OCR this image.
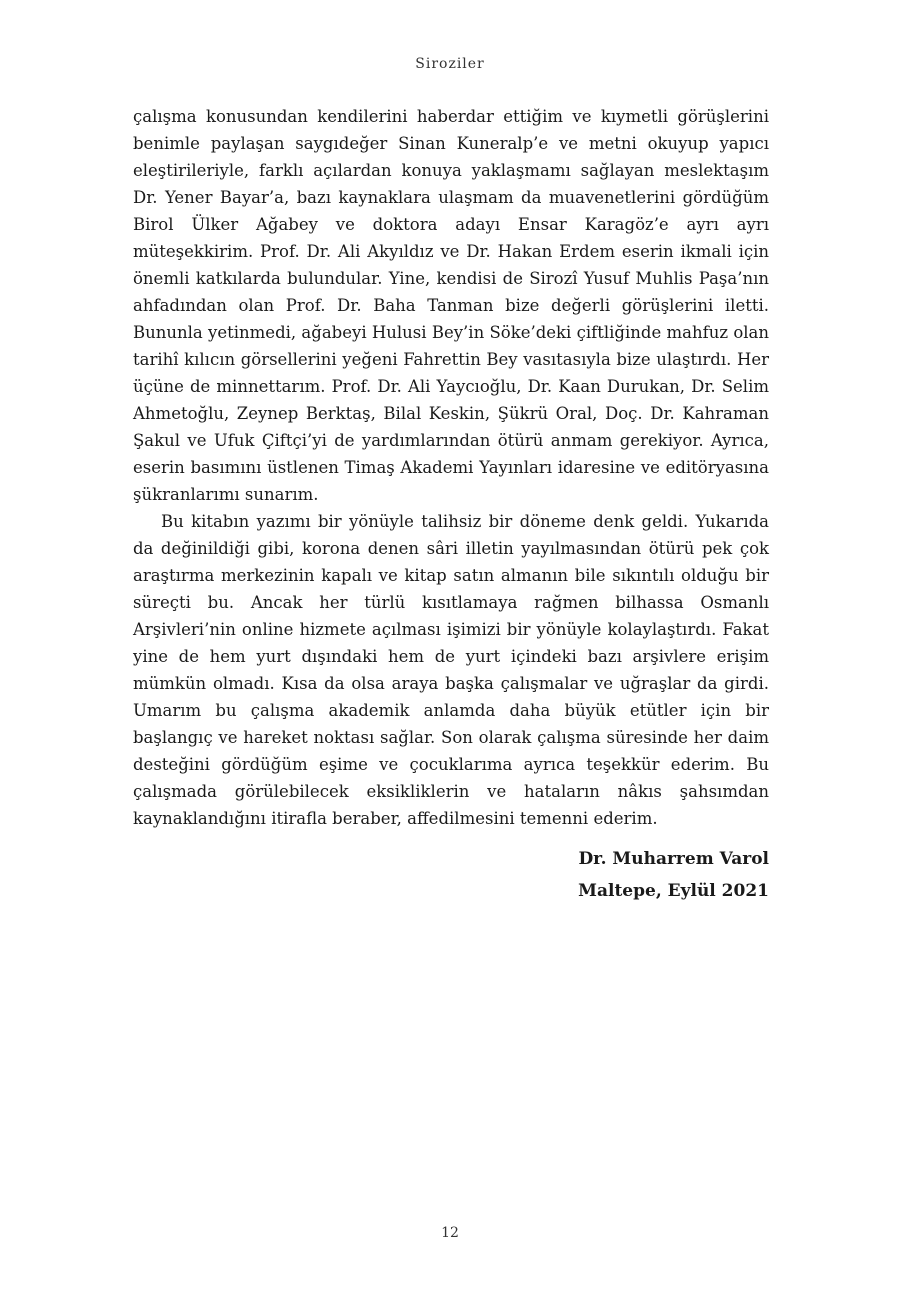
Siroziler

çalışma konusundan kendilerini haberdar ettiğim ve kıymetli görüşlerini benimle paylaşan saygıdeğer Sinan Kuneralp’e ve metni okuyup yapıcı eleştirileriyle, farklı açılardan konuya yaklaşmamı sağlayan meslektaşım Dr. Yener Bayar’a, bazı kaynaklara ulaşmam da muavenetlerini gördüğüm Birol Ülker Ağabey ve doktora adayı Ensar Karagöz’e ayrı ayrı müteşekkirim. Prof. Dr. Ali Akyıldız ve Dr. Hakan Erdem eserin ikmali için önemli katkılarda bulundular. Yine, kendisi de Sirozî Yusuf Muhlis Paşa’nın ahfadından olan Prof. Dr. Baha Tanman bize değerli görüşlerini iletti. Bununla yetinmedi, ağabeyi Hulusi Bey’in Söke’deki çiftliğinde mahfuz olan tarihî kılıcın görsellerini yeğeni Fahrettin Bey vasıtasıyla bize ulaştırdı. Her üçüne de minnettarım. Prof. Dr. Ali Yaycıoğlu, Dr. Kaan Durukan, Dr. Selim Ahmetoğlu, Zeynep Berktaş, Bilal Keskin, Şükrü Oral, Doç. Dr. Kahraman Şakul ve Ufuk Çiftçi’yi de yardımlarından ötürü anmam gerekiyor. Ayrıca, eserin basımını üstlenen Timaş Akademi Yayınları idaresine ve editöryasına şükranlarımı sunarım.

Bu kitabın yazımı bir yönüyle talihsiz bir döneme denk geldi. Yukarıda da değinildiği gibi, korona denen sâri illetin yayılmasından ötürü pek çok araştırma merkezinin kapalı ve kitap satın almanın bile sıkıntılı olduğu bir süreçti bu. Ancak her türlü kısıtlamaya rağmen bilhassa Osmanlı Arşivleri’nin online hizmete açılması işimizi bir yönüyle kolaylaştırdı. Fakat yine de hem yurt dışındaki hem de yurt içindeki bazı arşivlere erişim mümkün olmadı. Kısa da olsa araya başka çalışmalar ve uğraşlar da girdi. Umarım bu çalışma akademik anlamda daha büyük etütler için bir başlangıç ve hareket noktası sağlar. Son olarak çalışma süresinde her daim desteğini gördüğüm eşime ve çocuklarıma ayrıca teşekkür ederim. Bu çalışmada görülebilecek eksikliklerin ve hataların nâkıs şahsımdan kaynaklandığını itirafla beraber, affedilmesini temenni ederim.

Dr. Muharrem Varol
Maltepe, Eylül 2021
12
